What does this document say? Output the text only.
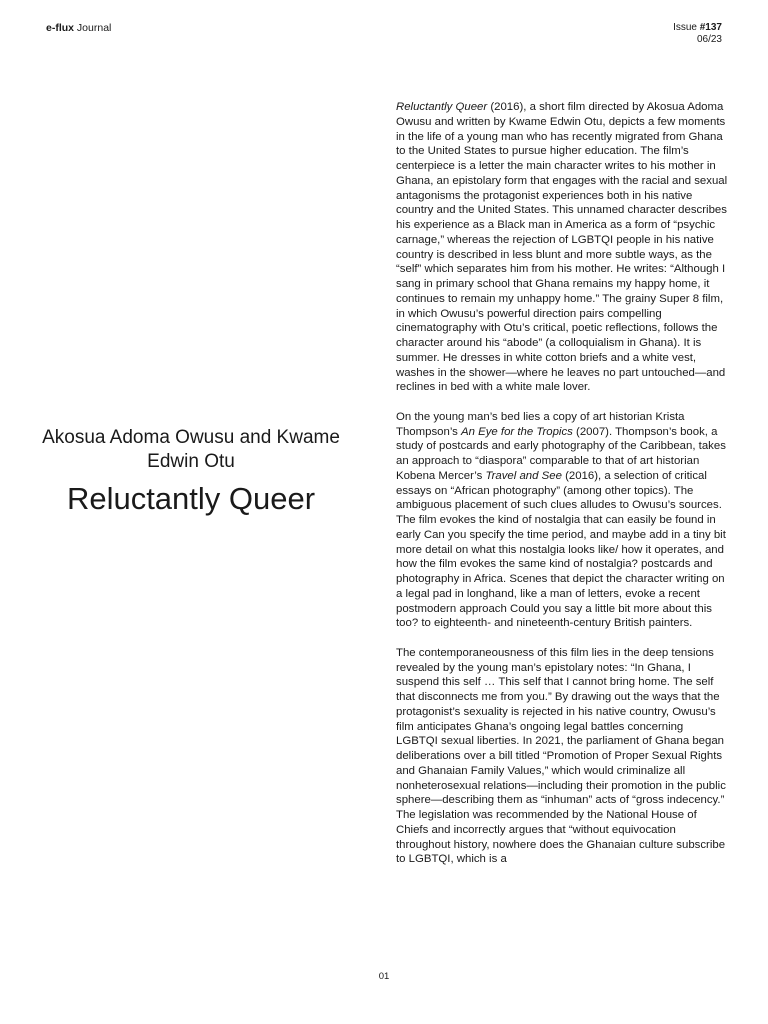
e-flux Journal	Issue #137
06/23
Akosua Adoma Owusu and Kwame Edwin Otu
Reluctantly Queer

Reluctantly Queer (2016), a short film directed by Akosua Adoma Owusu and written by Kwame Edwin Otu, depicts a few moments in the life of a young man who has recently migrated from Ghana to the United States to pursue higher education. The film’s centerpiece is a letter the main character writes to his mother in Ghana, an epistolary form that engages with the racial and sexual antagonisms the protagonist experiences both in his native country and the United States. This unnamed character describes his experience as a Black man in America as a form of “psychic carnage,” whereas the rejection of LGBTQI people in his native country is described in less blunt and more subtle ways, as the “self” which separates him from his mother. He writes: “Although I sang in primary school that Ghana remains my happy home, it continues to remain my unhappy home.” The grainy Super 8 film, in which Owusu’s powerful direction pairs compelling cinematography with Otu’s critical, poetic reflections, follows the character around his “abode” (a colloquialism in Ghana). It is summer. He dresses in white cotton briefs and a white vest, washes in the shower—where he leaves no part untouched—and reclines in bed with a white male lover.

On the young man’s bed lies a copy of art historian Krista Thompson’s An Eye for the Tropics (2007). Thompson’s book, a study of postcards and early photography of the Caribbean, takes an approach to “diaspora” comparable to that of art historian Kobena Mercer’s Travel and See (2016), a selection of critical essays on “African photography” (among other topics). The ambiguous placement of such clues alludes to Owusu’s sources. The film evokes the kind of nostalgia that can easily be found in early Can you specify the time period, and maybe add in a tiny bit more detail on what this nostalgia looks like/ how it operates, and how the film evokes the same kind of nostalgia? postcards and photography in Africa. Scenes that depict the character writing on a legal pad in longhand, like a man of letters, evoke a recent postmodern approach Could you say a little bit more about this too? to eighteenth- and nineteenth-century British painters.

The contemporaneousness of this film lies in the deep tensions revealed by the young man’s epistolary notes: “In Ghana, I suspend this self … This self that I cannot bring home. The self that disconnects me from you.” By drawing out the ways that the protagonist’s sexuality is rejected in his native country, Owusu’s film anticipates Ghana’s ongoing legal battles concerning LGBTQI sexual liberties. In 2021, the parliament of Ghana began deliberations over a bill titled “Promotion of Proper Sexual Rights and Ghanaian Family Values,” which would criminalize all nonheterosexual relations—including their promotion in the public sphere—describing them as “inhuman” acts of “gross indecency.” The legislation was recommended by the National House of Chiefs and incorrectly argues that “without equivocation throughout history, nowhere does the Ghanaian culture subscribe to LGBTQI, which is a

01
